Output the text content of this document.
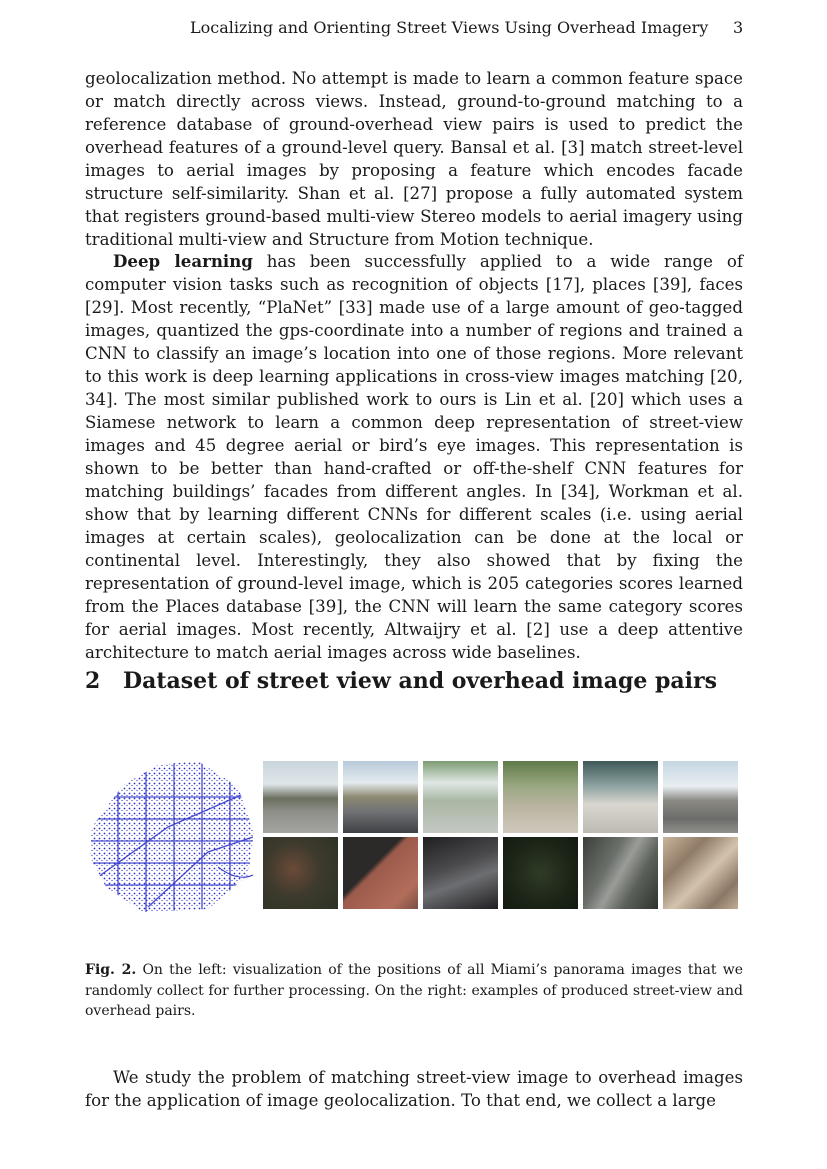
Localizing and Orienting Street Views Using Overhead Imagery 3

geolocalization method. No attempt is made to learn a common feature space or match directly across views. Instead, ground-to-ground matching to a reference database of ground-overhead view pairs is used to predict the overhead features of a ground-level query. Bansal et al. [3] match street-level images to aerial images by proposing a feature which encodes facade structure self-similarity. Shan et al. [27] propose a fully automated system that registers ground-based multi-view Stereo models to aerial imagery using traditional multi-view and Structure from Motion technique.

Deep learning has been successfully applied to a wide range of computer vision tasks such as recognition of objects [17], places [39], faces [29]. Most recently, “PlaNet” [33] made use of a large amount of geo-tagged images, quantized the gps-coordinate into a number of regions and trained a CNN to classify an image’s location into one of those regions. More relevant to this work is deep learning applications in cross-view images matching [20, 34]. The most similar published work to ours is Lin et al. [20] which uses a Siamese network to learn a common deep representation of street-view images and 45 degree aerial or bird’s eye images. This representation is shown to be better than hand-crafted or off-the-shelf CNN features for matching buildings’ facades from different angles. In [34], Workman et al. show that by learning different CNNs for different scales (i.e. using aerial images at certain scales), geolocalization can be done at the local or continental level. Interestingly, they also showed that by fixing the representation of ground-level image, which is 205 categories scores learned from the Places database [39], the CNN will learn the same category scores for aerial images. Most recently, Altwaijry et al. [2] use a deep attentive architecture to match aerial images across wide baselines.

2 Dataset of street view and overhead image pairs
Fig. 2. On the left: visualization of the positions of all Miami’s panorama images that we randomly collect for further processing. On the right: examples of produced street-view and overhead pairs.

We study the problem of matching street-view image to overhead images for the application of image geolocalization. To that end, we collect a large
